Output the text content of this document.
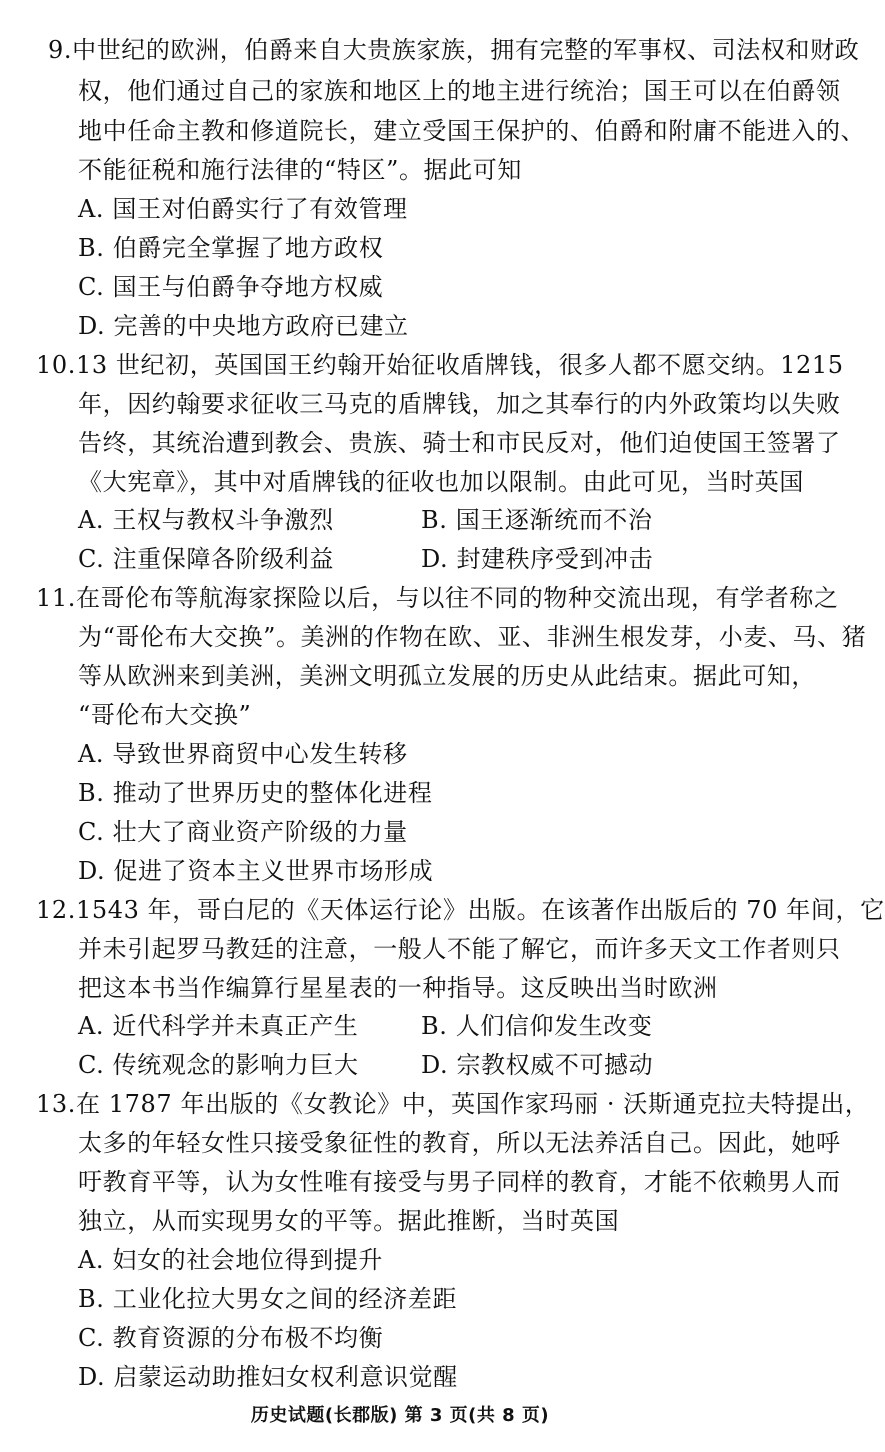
9.中世纪的欧洲，伯爵来自大贵族家族，拥有完整的军事权、司法权和财政
权，他们通过自己的家族和地区上的地主进行统治；国王可以在伯爵领
地中任命主教和修道院长，建立受国王保护的、伯爵和附庸不能进入的、
不能征税和施行法律的“特区”。据此可知
A. 国王对伯爵实行了有效管理
B. 伯爵完全掌握了地方政权
C. 国王与伯爵争夺地方权威
D. 完善的中央地方政府已建立
10.13 世纪初，英国国王约翰开始征收盾牌钱，很多人都不愿交纳。1215
年，因约翰要求征收三马克的盾牌钱，加之其奉行的内外政策均以失败
告终，其统治遭到教会、贵族、骑士和市民反对，他们迫使国王签署了
《大宪章》，其中对盾牌钱的征收也加以限制。由此可见，当时英国
A. 王权与教权斗争激烈	B. 国王逐渐统而不治
C. 注重保障各阶级利益	D. 封建秩序受到冲击
11.在哥伦布等航海家探险以后，与以往不同的物种交流出现，有学者称之
为“哥伦布大交换”。美洲的作物在欧、亚、非洲生根发芽，小麦、马、猪
等从欧洲来到美洲，美洲文明孤立发展的历史从此结束。据此可知，
“哥伦布大交换”
A. 导致世界商贸中心发生转移
B. 推动了世界历史的整体化进程
C. 壮大了商业资产阶级的力量
D. 促进了资本主义世界市场形成
12.1543 年，哥白尼的《天体运行论》出版。在该著作出版后的 70 年间，它
并未引起罗马教廷的注意，一般人不能了解它，而许多天文工作者则只
把这本书当作编算行星星表的一种指导。这反映出当时欧洲
A. 近代科学并未真正产生	B. 人们信仰发生改变
C. 传统观念的影响力巨大	D. 宗教权威不可撼动
13.在 1787 年出版的《女教论》中，英国作家玛丽 · 沃斯通克拉夫特提出，
太多的年轻女性只接受象征性的教育，所以无法养活自己。因此，她呼
吁教育平等，认为女性唯有接受与男子同样的教育，才能不依赖男人而
独立，从而实现男女的平等。据此推断，当时英国
A. 妇女的社会地位得到提升
B. 工业化拉大男女之间的经济差距
C. 教育资源的分布极不均衡
D. 启蒙运动助推妇女权利意识觉醒
历史试题(长郡版) 第 3 页(共 8 页)
